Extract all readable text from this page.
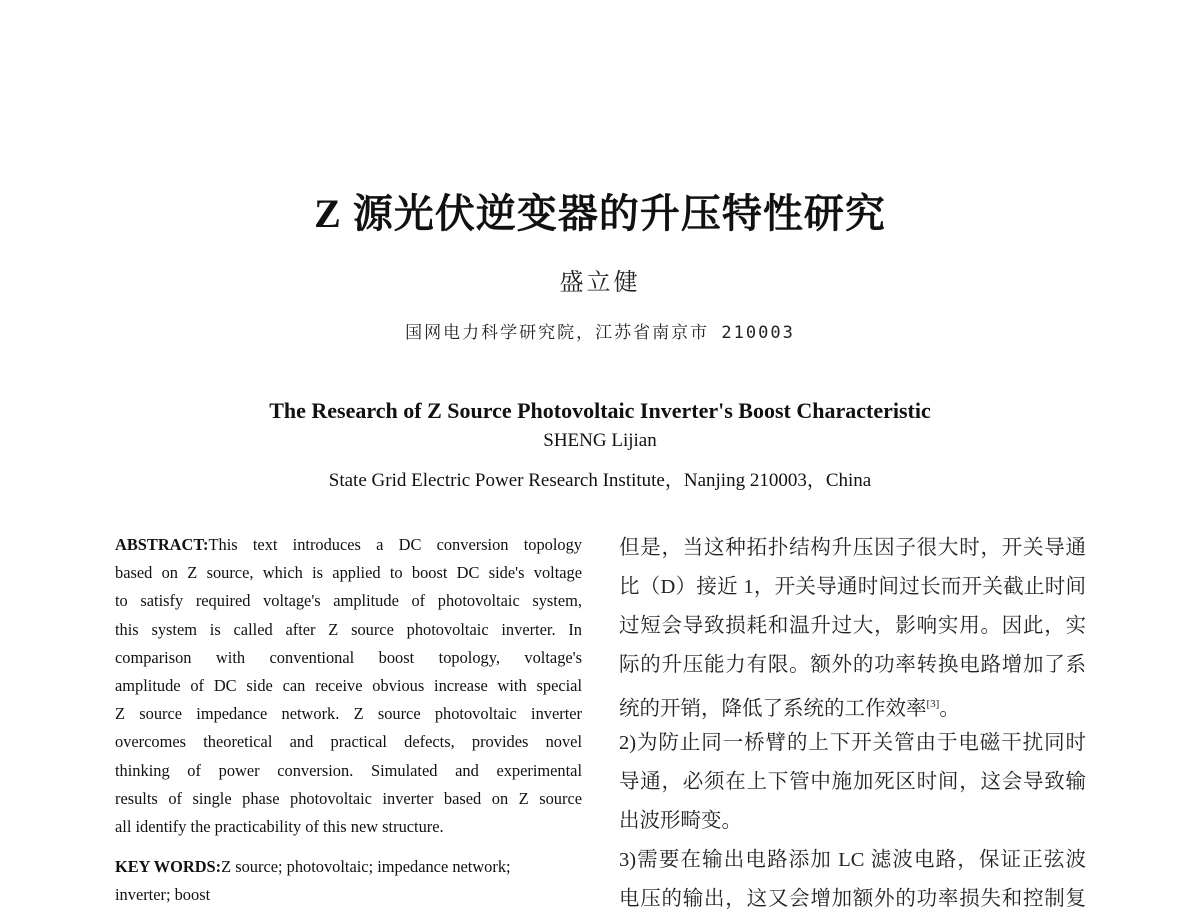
Z 源光伏逆变器的升压特性研究
盛立健
国网电力科学研究院，江苏省南京市 210003
The Research of Z Source Photovoltaic Inverter's Boost Characteristic
SHENG Lijian
State Grid Electric Power Research Institute，Nanjing 210003，China
ABSTRACT:This text introduces a DC conversion topology
based on Z source, which is applied to boost DC side's voltage
to satisfy required voltage's amplitude of photovoltaic system,
this system is called after Z source photovoltaic inverter. In
comparison with conventional boost topology, voltage's
amplitude of DC side can receive obvious increase with special
Z source impedance network. Z source photovoltaic inverter
overcomes theoretical and practical defects, provides novel
thinking of power conversion. Simulated and experimental
results of single phase photovoltaic inverter based on Z source
all identify the practicability of this new structure.
KEY WORDS:Z source; photovoltaic; impedance network;
inverter; boost
但是，当这种拓扑结构升压因子很大时，开关导通
比（D）接近 1，开关导通时间过长而开关截止时间
过短会导致损耗和温升过大，影响实用。因此，实
际的升压能力有限。额外的功率转换电路增加了系
统的开销，降低了系统的工作效率[3]。
2)为防止同一桥臂的上下开关管由于电磁干扰同时
导通，必须在上下管中施加死区时间，这会导致输
出波形畸变。
3)需要在输出电路添加 LC 滤波电路，保证正弦波
电压的输出，这又会增加额外的功率损失和控制复
